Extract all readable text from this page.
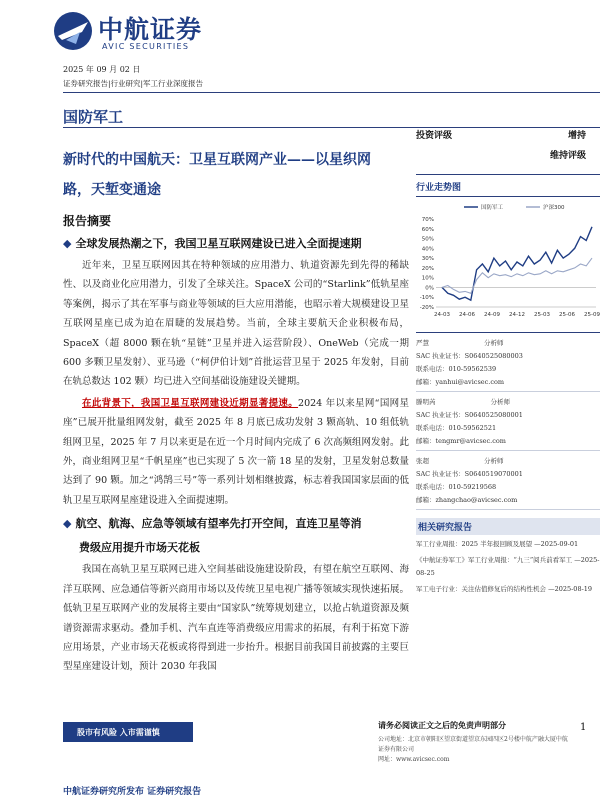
中航证券
AVIC SECURITIES
2025 年 09 月 02 日
证券研究报告|行业研究|军工行业深度报告
国防军工
新时代的中国航天：卫星互联网产业——以星织网
路，天堑变通途
报告摘要
◆ 全球发展热潮之下，我国卫星互联网建设已进入全面提速期

近年来，卫星互联网因其在特种领域的应用潜力、轨道资源先到先得的稀缺性、以及商业化应用潜力，引发了全球关注。SpaceX 公司的“Starlink”低轨星座等案例，揭示了其在军事与商业等领域的巨大应用潜能，也昭示着大规模建设卫星互联网星座已成为迫在眉睫的发展趋势。当前，全球主要航天企业积极布局，SpaceX（超 8000 颗在轨“星链”卫星并进入运营阶段）、OneWeb（完成一期 600 多颗卫星发射）、亚马逊（“柯伊伯计划”首批运营卫星于 2025 年发射，目前在轨总数达 102 颗）均已进入空间基础设施建设关键期。

在此背景下，我国卫星互联网建设近期显著提速。2024 年以来星网“国网星座”已展开批量组网发射，截至 2025 年 8 月底已成功发射 3 颗高轨、10 组低轨组网卫星，2025 年 7 月以来更是在近一个月时间内完成了 6 次高频组网发射。此外，商业组网卫星“千帆星座”也已实现了 5 次一箭 18 星的发射，卫星发射总数量达到了 90 颗。加之“鸿鹄三号”等一系列计划相继披露，标志着我国国家层面的低轨卫星互联网星座建设进入全面提速期。

◆ 航空、航海、应急等领域有望率先打开空间，直连卫星等消
费级应用提升市场天花板

我国在高轨卫星互联网已进入空间基础设施建设阶段，有望在航空互联网、海洋互联网、应急通信等新兴商用市场以及传统卫星电视广播等领域实现快速拓展。低轨卫星互联网产业的发展将主要由“国家队”统筹规划建立，以抢占轨道资源及频谱资源需求驱动。叠加手机、汽车直连等消费级应用需求的拓展，有利于拓宽下游应用场景，产业市场天花板或将得到进一步抬升。根据目前我国目前披露的主要巨型星座建设计划，预计 2030 年我国

投资评级	增持
维持评级
行业走势图
70%
60%
50%
40%
30%
20%
10%
0%
-10%
-20%
24-03 24-06 24-09 24-12 25-03 25-06 25-09
国防军工	沪深300
严慧	分析师
SAC 执业证书：S0640525080003
联系电话：010-59562539
邮箱：yanhui@avicsec.com
滕明芮	分析师
SAC 执业证书：S0640525080001
联系电话：010-59562521
邮箱：tengmr@avicsec.com
张超	分析师
SAC 执业证书：S0640519070001
联系电话：010-59219568
邮箱：zhangchao@avicsec.com
相关研究报告
军工行业周报：2025 半年报回顾及展望 —2025-09-01
《中航证券军工》军工行业周报：“九三”阅兵前看军工 —2025-08-25
军工电子行业：关注估值修复后的结构性机会 —2025-08-19
股市有风险 入市需谨慎
请务必阅读正文之后的免责声明部分
公司地址：北京市朝阳区望京街道望京东园四区2号楼中航产融大厦中航证券有限公司
网址：www.avicsec.com
1
中航证券研究所发布 证券研究报告
